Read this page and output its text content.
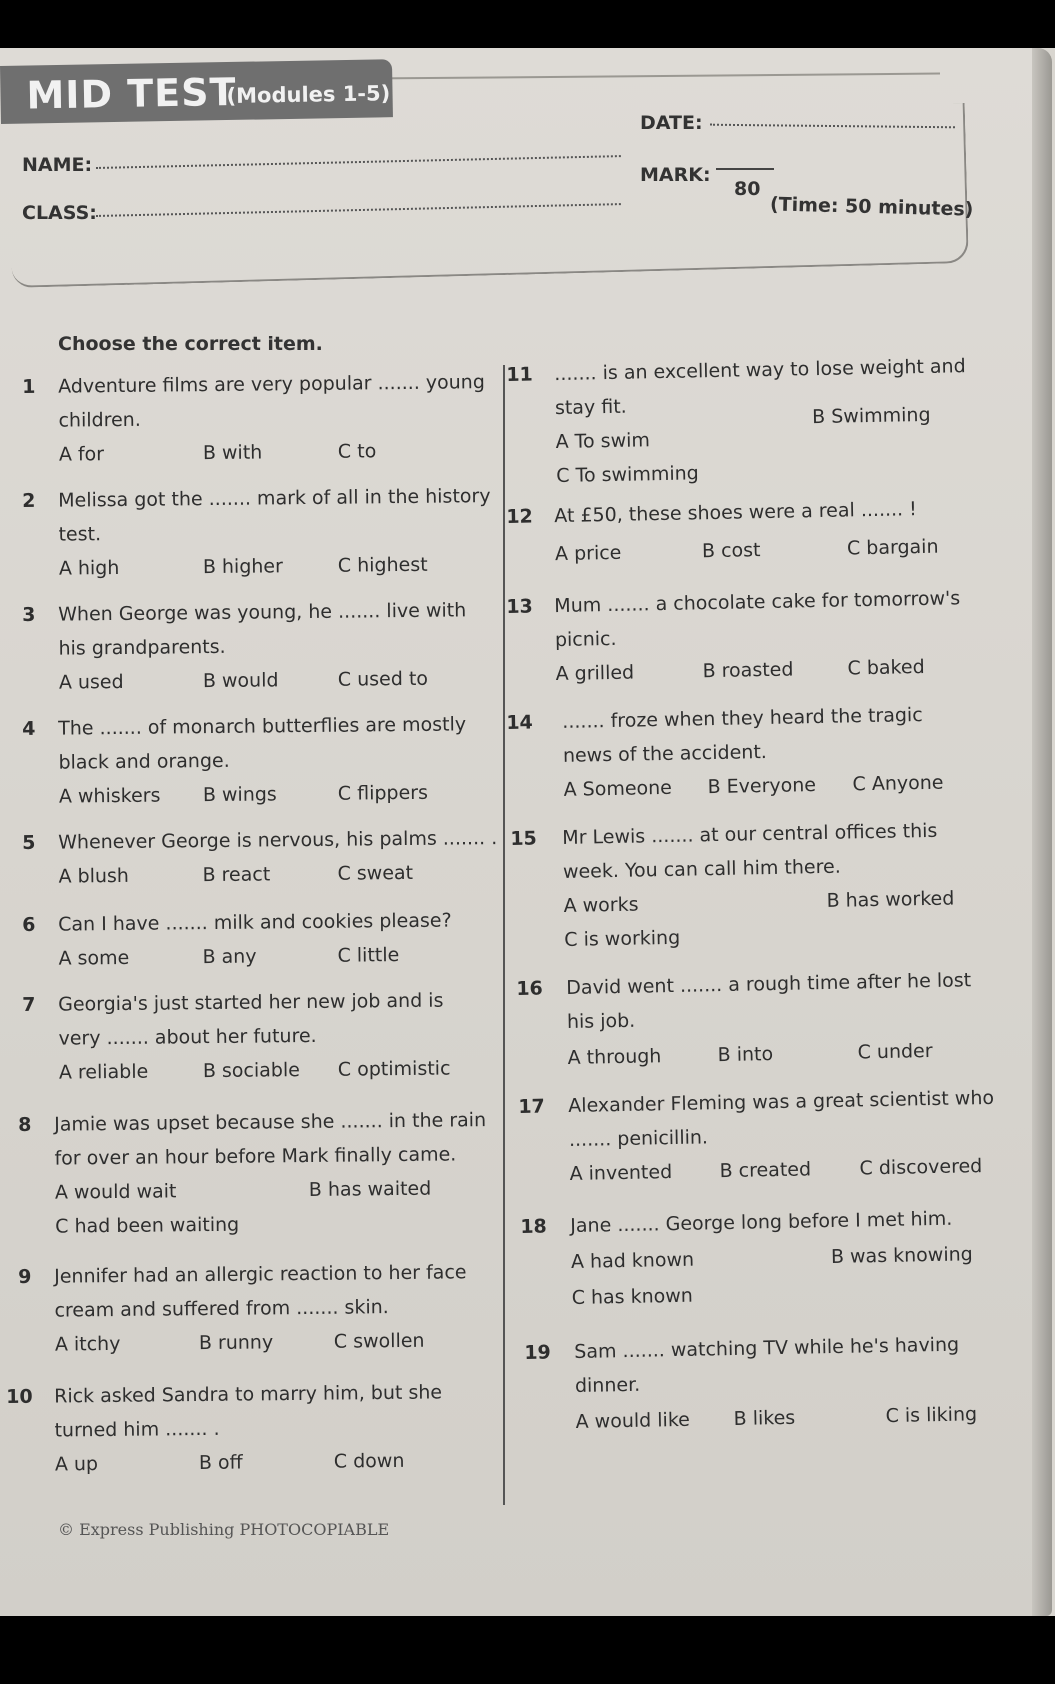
MID TEST
(Modules 1-5)
DATE:
NAME:	MARK:
80
CLASS:	(Time: 50 minutes)
Choose the correct item.
1 Adventure films are very popular ....... young
children.
A for	B with	C to
2 Melissa got the ....... mark of all in the history
test.
A high	B higher	C highest
3 When George was young, he ....... live with
his grandparents.
A used	B would	C used to
4 The ....... of monarch butterflies are mostly
black and orange.
A whiskers B wings	C flippers
5 Whenever George is nervous, his palms ....... .
A blush	B react	C sweat
6 Can I have ....... milk and cookies please?
A some	B any	C little
7 Georgia's just started her new job and is
very ....... about her future.
A reliable	B sociable C optimistic
8 Jamie was upset because she ....... in the rain
for over an hour before Mark finally came.
A would wait	B has waited
C had been waiting
9 Jennifer had an allergic reaction to her face
cream and suffered from ....... skin.
A itchy	B runny	C swollen
10 Rick asked Sandra to marry him, but she
turned him ....... .
A up	B off	C down
11 ....... is an excellent way to lose weight and
stay fit.
A To swim
B Swimming
C To swimming
12 At £50, these shoes were a real ....... !
A price	B cost	C bargain
13 Mum ....... a chocolate cake for tomorrow's
picnic.
A grilled	B roasted	C baked
14 ....... froze when they heard the tragic
news of the accident.
A Someone B Everyone C Anyone
15 Mr Lewis ....... at our central offices this
week. You can call him there.
A works	B has worked
C is working
16 David went ....... a rough time after he lost
his job.
A through	B into	C under
17 Alexander Fleming was a great scientist who
....... penicillin.
A invented B created	C discovered
18 Jane ....... George long before I met him.
A had known	B was knowing
C has known
19 Sam ....... watching TV while he's having
dinner.
A would like B likes	C is liking
© Express Publishing PHOTOCOPIABLE
